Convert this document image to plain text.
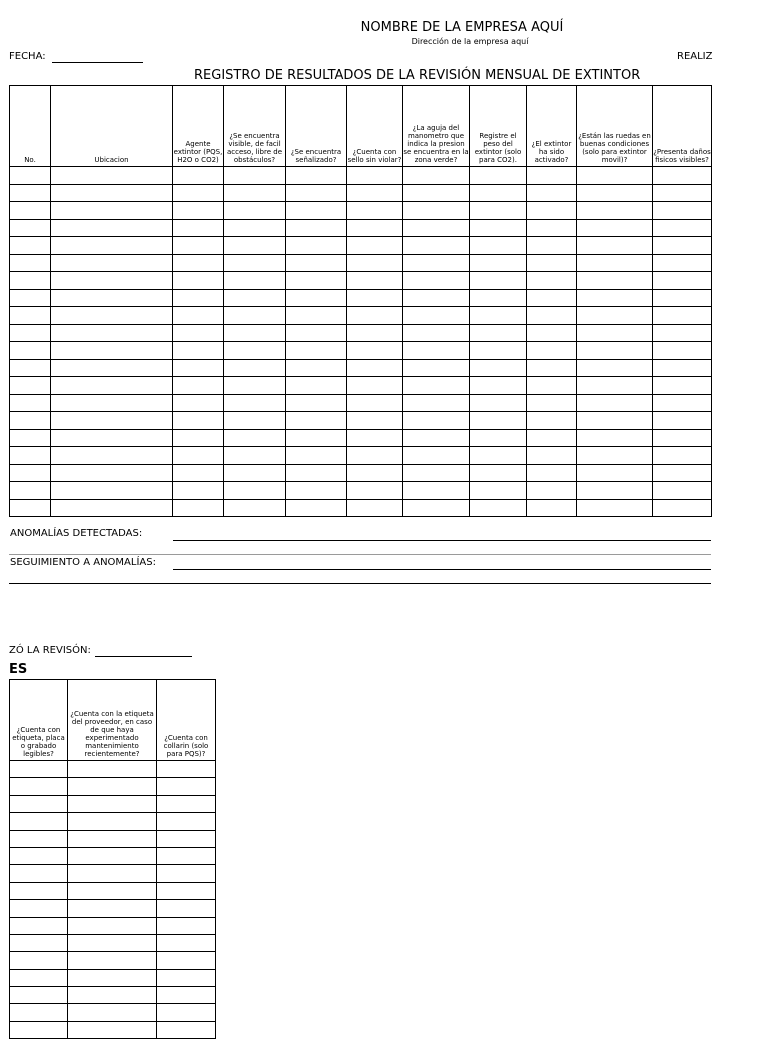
NOMBRE DE LA EMPRESA AQUÍ
Dirección de la empresa aquí
FECHA:	REALIZ
REGISTRO DE RESULTADOS DE LA REVISIÓN MENSUAL DE EXTINTOR
No.	Ubicacion	Agente extintor (PQS, H2O o CO2)	¿Se encuentra visible, de facil acceso, libre de obstáculos?	¿Se encuentra señalizado?	¿Cuenta con sello sin violar?	¿La aguja del manometro que indica la presion se encuentra en la zona verde?	Registre el peso del extintor (solo para CO2).	¿El extintor ha sido activado?	¿Están las ruedas en buenas condiciones (solo para extintor movil)?	¿Presenta daños fisicos visibles?

ANOMALÍAS DETECTADAS:
SEGUIMIENTO A ANOMALÍAS:
ZÓ LA REVISÓN:
ES
¿Cuenta con etiqueta, placa o grabado legibles?	¿Cuenta con la etiqueta del proveedor, en caso de que haya experimentado mantenimiento recientemente?	¿Cuenta con collarin (solo para PQS)?
